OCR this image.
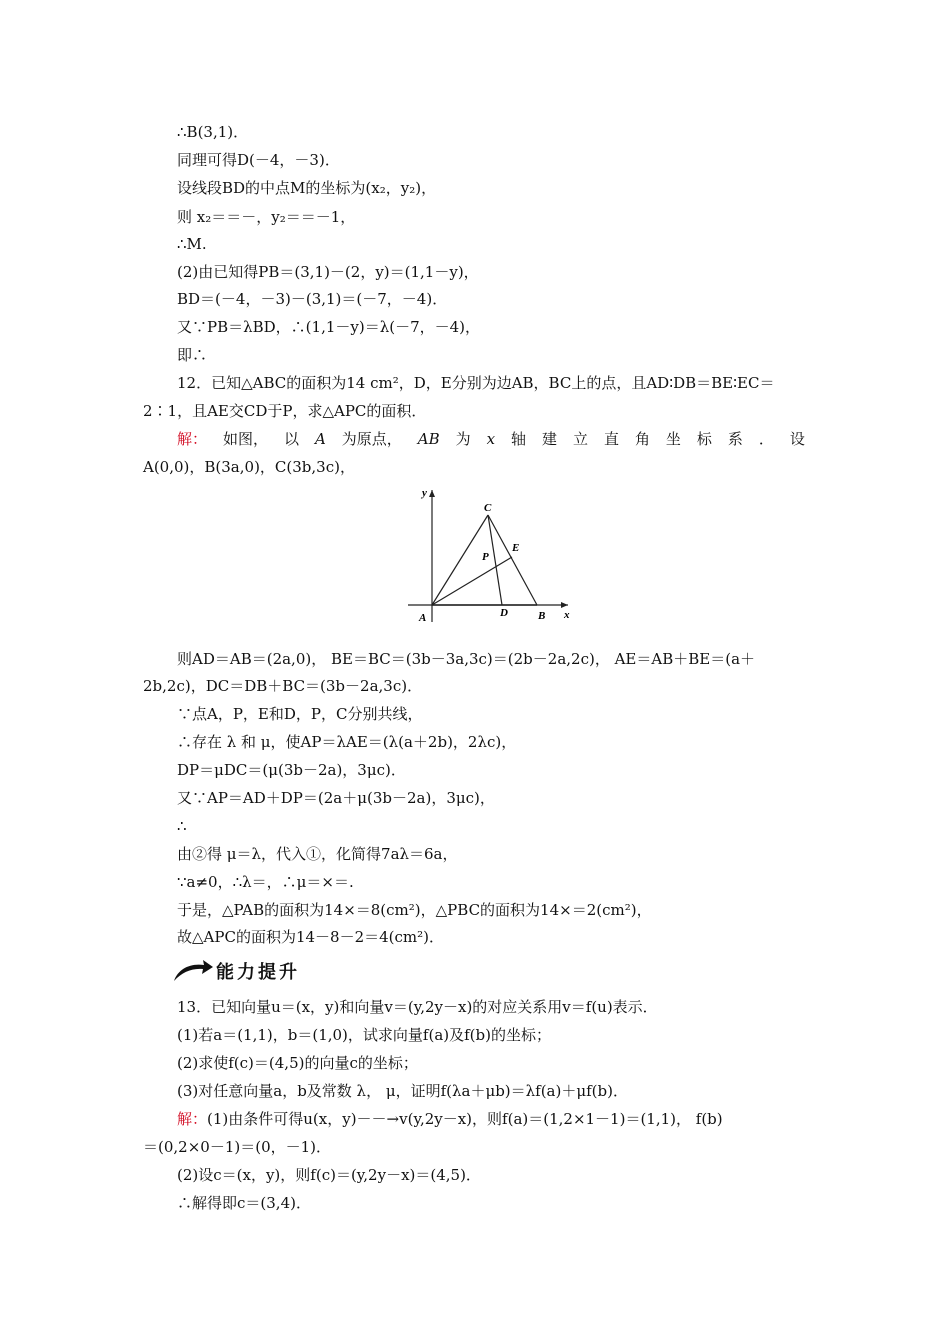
∴B(3,1)．
同理可得D(－4，－3)．
设线段BD的中点M的坐标为(x₂，y₂)，
则 x₂＝＝－，y₂＝＝－1，
∴M.
(2)由已知得PB＝(3,1)－(2，y)＝(1,1－y)，
BD＝(－4，－3)－(3,1)＝(－7，－4)．
又∵PB＝λBD，∴(1,1－y)＝λ(－7，－4)，
即∴
12．已知△ABC的面积为14 cm²，D，E分别为边AB，BC上的点，且AD∶DB＝BE∶EC＝
2∶1，且AE交CD于P，求△APC的面积．
解： 如图， 以 A 为原点， AB 为 x 轴 建 立 直 角 坐 标 系 ． 设
A(0,0)，B(3a,0)，C(3b,3c)，
y
x
A	B
C
D
E
P
则AD＝AB＝(2a,0)， BE＝BC＝(3b－3a,3c)＝(2b－2a,2c)， AE＝AB＋BE＝(a＋
2b,2c)，DC＝DB＋BC＝(3b－2a,3c)．
∵点A，P，E和D，P，C分别共线，
∴存在 λ 和 μ，使AP＝λAE＝(λ(a＋2b)，2λc)，
DP＝μDC＝(μ(3b－2a)，3μc)．
又∵AP＝AD＋DP＝(2a＋μ(3b－2a)，3μc)，
∴
由②得 μ＝λ，代入①，化简得7aλ＝6a，
∵a≠0，∴λ＝，∴μ＝×＝.
于是，△PAB的面积为14×＝8(cm²)，△PBC的面积为14×＝2(cm²)，
故△APC的面积为14－8－2＝4(cm²)．
能力提升
13．已知向量u＝(x，y)和向量v＝(y,2y－x)的对应关系用v＝f(u)表示．
(1)若a＝(1,1)，b＝(1,0)，试求向量f(a)及f(b)的坐标；
(2)求使f(c)＝(4,5)的向量c的坐标；
(3)对任意向量a，b及常数 λ， μ，证明f(λa＋μb)＝λf(a)＋μf(b)．
解：(1)由条件可得u(x，y)－－→v(y,2y－x)，则f(a)＝(1,2×1－1)＝(1,1)， f(b)
＝(0,2×0－1)＝(0，－1)．
(2)设c＝(x，y)，则f(c)＝(y,2y－x)＝(4,5)．
∴解得即c＝(3,4)．
